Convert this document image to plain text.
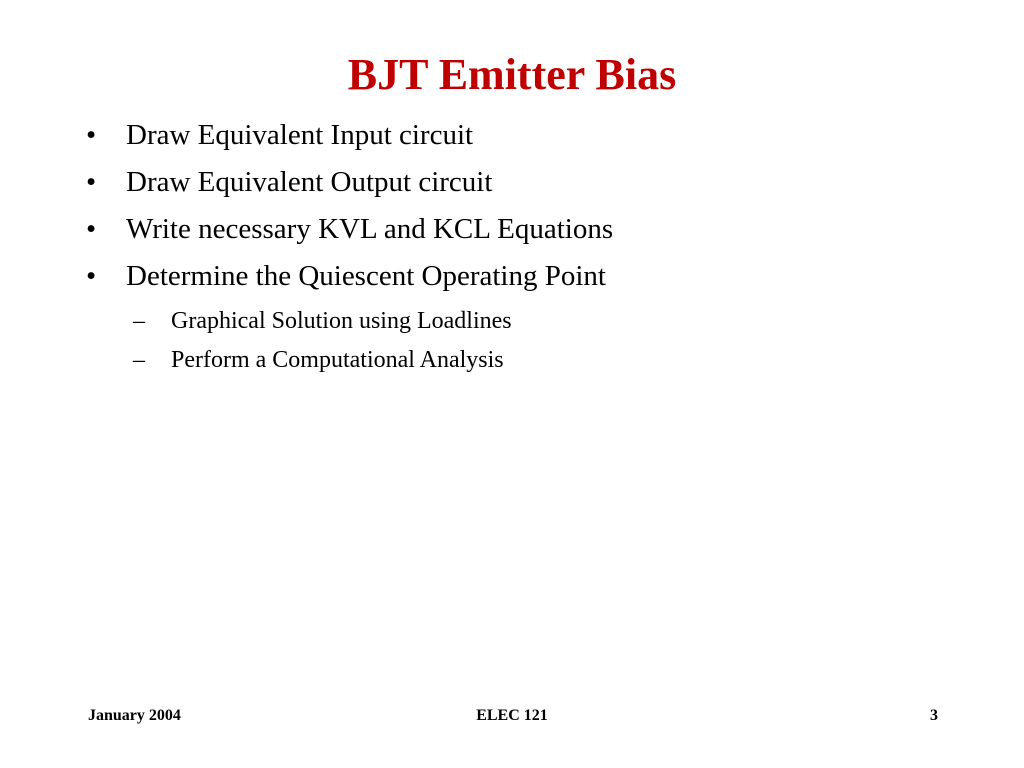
BJT Emitter Bias
• Draw Equivalent Input circuit
• Draw Equivalent Output circuit
• Write necessary KVL and KCL Equations
• Determine the Quiescent Operating Point
– Graphical Solution using Loadlines
– Perform a Computational Analysis
January 2004	ELEC 121	3
